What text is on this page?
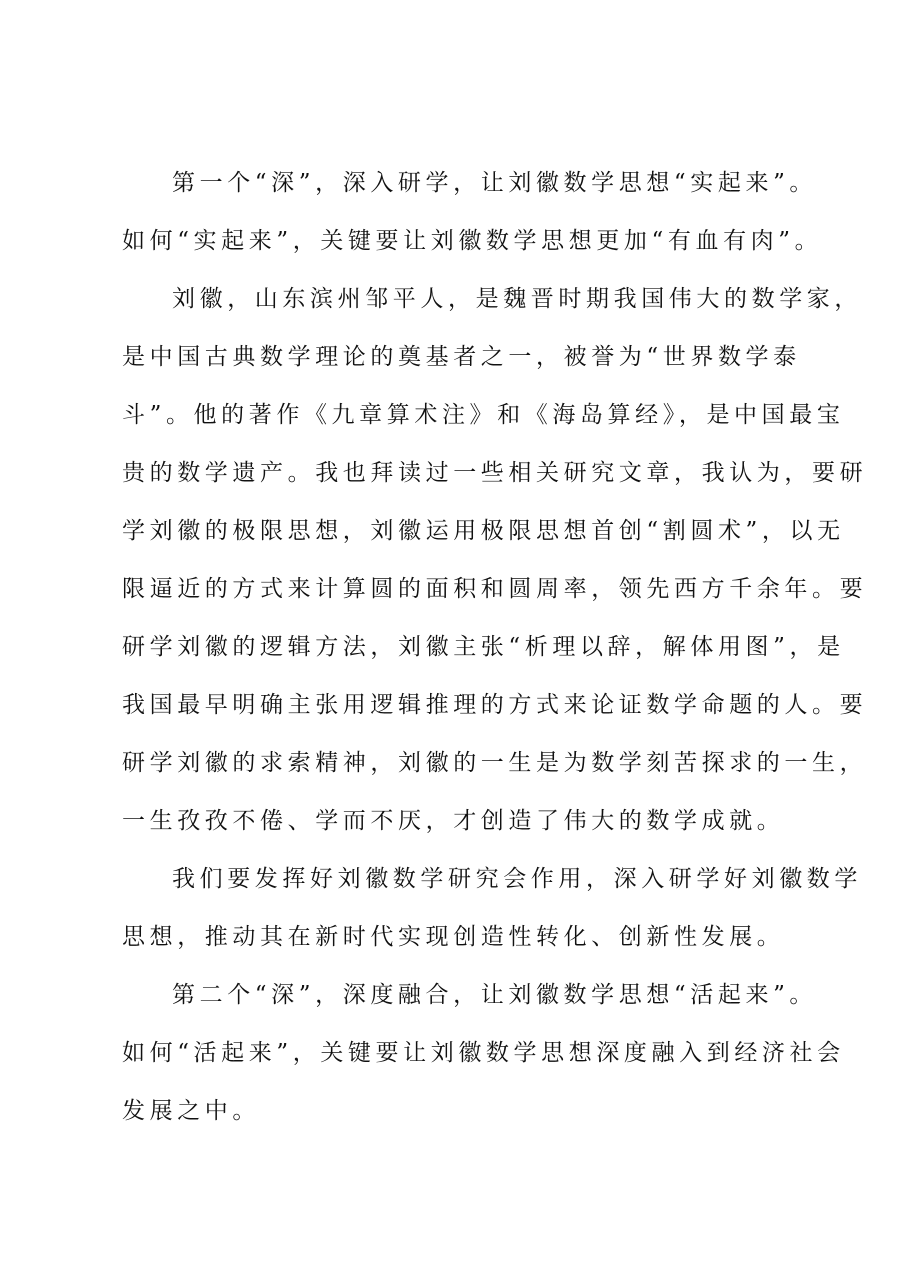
第一个“深”，深入研学，让刘徽数学思想“实起来”。
如何“实起来”，关键要让刘徽数学思想更加“有血有肉”。
刘徽，山东滨州邹平人，是魏晋时期我国伟大的数学家，
是中国古典数学理论的奠基者之一，被誉为“世界数学泰
斗”。他的著作《九章算术注》和《海岛算经》，是中国最宝
贵的数学遗产。我也拜读过一些相关研究文章，我认为，要研
学刘徽的极限思想，刘徽运用极限思想首创“割圆术”，以无
限逼近的方式来计算圆的面积和圆周率，领先西方千余年。要
研学刘徽的逻辑方法，刘徽主张“析理以辞，解体用图”，是
我国最早明确主张用逻辑推理的方式来论证数学命题的人。要
研学刘徽的求索精神，刘徽的一生是为数学刻苦探求的一生，
一生孜孜不倦、学而不厌，才创造了伟大的数学成就。
我们要发挥好刘徽数学研究会作用，深入研学好刘徽数学
思想，推动其在新时代实现创造性转化、创新性发展。
第二个“深”，深度融合，让刘徽数学思想“活起来”。
如何“活起来”，关键要让刘徽数学思想深度融入到经济社会
发展之中。
